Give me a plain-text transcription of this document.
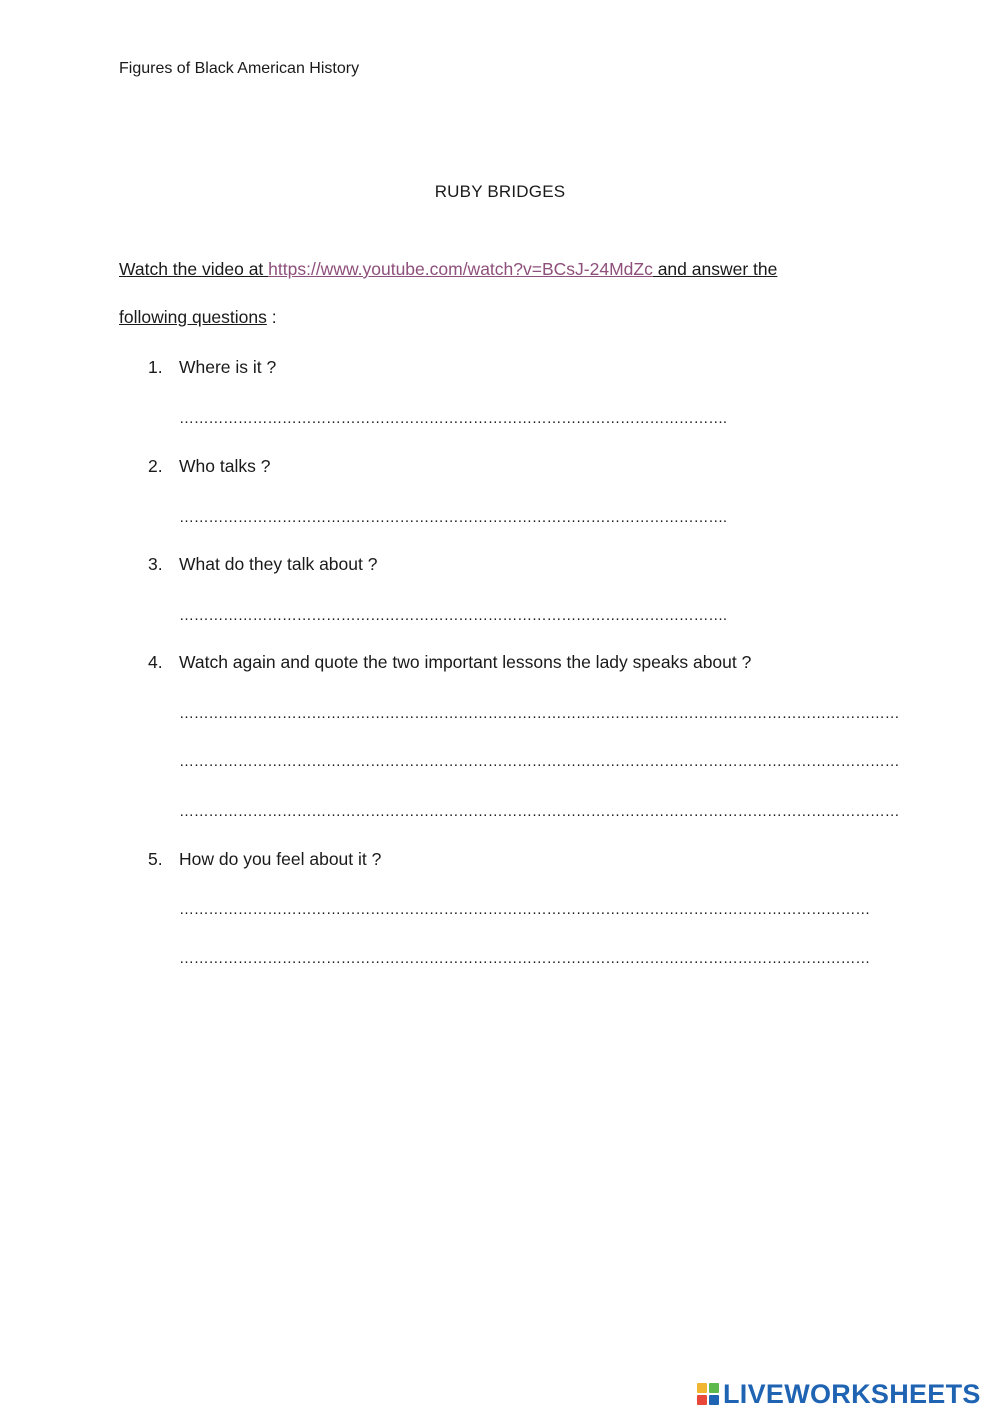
Figures of Black American History
RUBY BRIDGES
Watch the video at https://www.youtube.com/watch?v=BCsJ-24MdZc and answer the
following questions :
1. Where is it ?
………………………………………………………………………………………………….
2. Who talks ?
………………………………………………………………………………………………….
3. What do they talk about ?
………………………………………………………………………………………………….
4. Watch again and quote the two important lessons the lady speaks about ?
…………………………………………………………………………………………………………………………………
…………………………………………………………………………………………………………………………………
…………………………………………………………………………………………………………………………………
5. How do you feel about it ?
……………………………………………………………………………………………………………………………
……………………………………………………………………………………………………………………………
LIVEWORKSHEETS
